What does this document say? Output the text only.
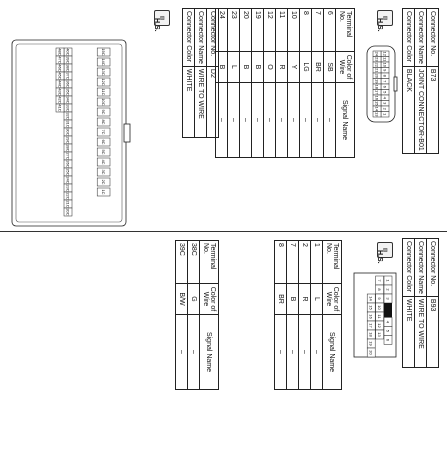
Connector No.	B73
Connector Name	JOINT CONNECTOR-B01
Connector Color	BLACK
▥
H.S.
12
11
10
9
8
7
6
5
4
3
2
1
24
23
22
21
20
19
18
17
16
15
14
13
Terminal No.	Color of Wire	Signal Name
6	SB	–
7	BR	–
8	LG	–
10	Y	–
11	R	–
12	O	–
19	B	–
20	B	–
23	L	–
24	B	–
Connector No.	D2
Connector Name	WIRE TO WIRE
Connector Color	WHITE
▥
H.S.
19C
14C
13C
12C
11C
10C
9C
8C
7C
6C
5C
4C
3C
2C
1C
40C
39C
38C
37C
36C
35C
34C
33C
32C
31C
30C
29C
28C
27C
26C
25C
24C
23C
22C
21C
20C
48C
47C
46C
45C
44C
43C
42C
41C
Connector No.	B93
Connector Name	WIRE TO WIRE
Connector Color	WHITE
▥
H.S.
1
2
3
4
5
6
7
8
9
10
11
12
13
14
15
16
17
18
19
20
Terminal No.	Color of Wire	Signal Name
1	L	–
2	R	–
7	B	–
8	BR	–
Terminal No.	Color of Wire	Signal Name
38C	G	–
39C	B/W	–
